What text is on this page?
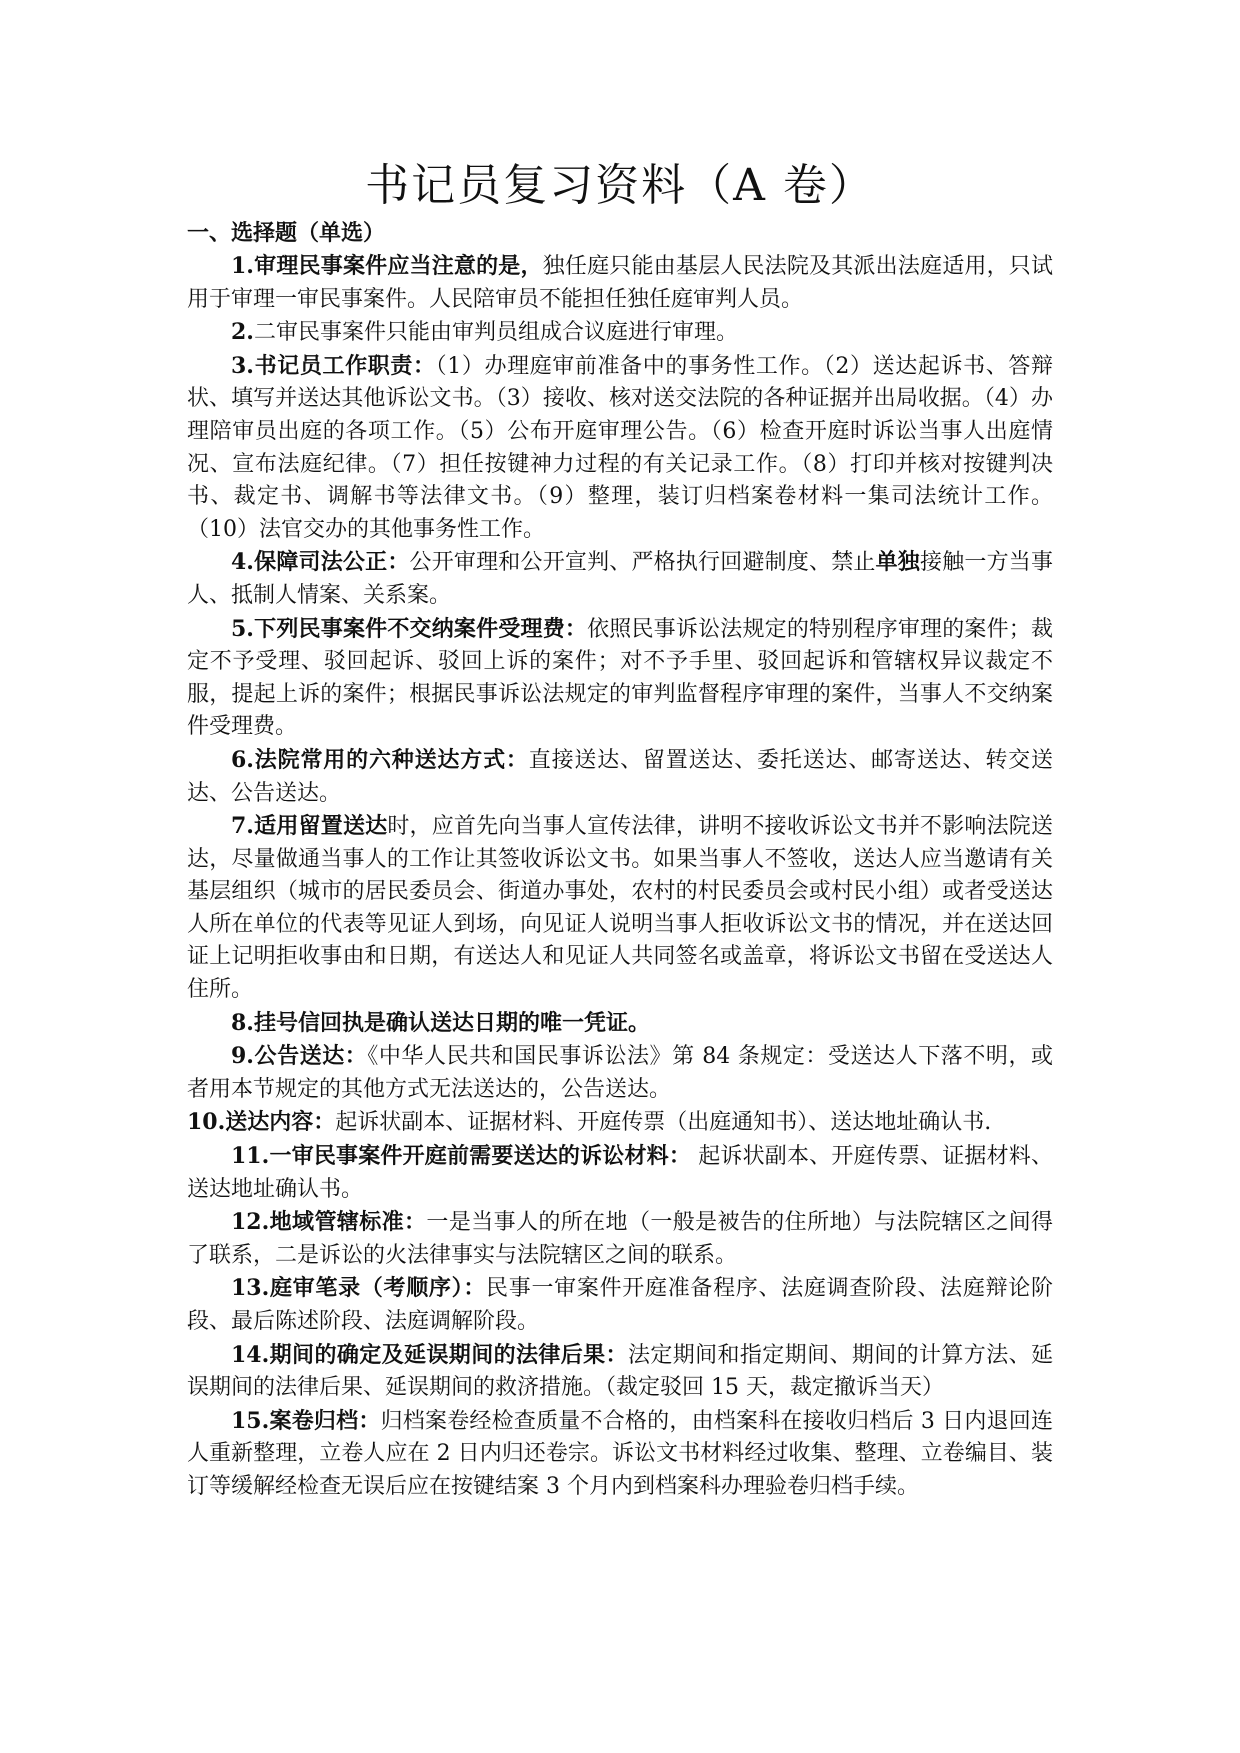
书记员复习资料（A 卷）
一、选择题（单选）

1.审理民事案件应当注意的是，独任庭只能由基层人民法院及其派出法庭适用，只试用于审理一审民事案件。人民陪审员不能担任独任庭审判人员。

2.二审民事案件只能由审判员组成合议庭进行审理。

3.书记员工作职责：（1）办理庭审前准备中的事务性工作。（2）送达起诉书、答辩状、填写并送达其他诉讼文书。（3）接收、核对送交法院的各种证据并出局收据。（4）办理陪审员出庭的各项工作。（5）公布开庭审理公告。（6）检查开庭时诉讼当事人出庭情况、宣布法庭纪律。（7）担任按键神力过程的有关记录工作。（8）打印并核对按键判决书、裁定书、调解书等法律文书。（9）整理，装订归档案卷材料一集司法统计工作。（10）法官交办的其他事务性工作。

4.保障司法公正：公开审理和公开宣判、严格执行回避制度、禁止单独接触一方当事人、抵制人情案、关系案。

5.下列民事案件不交纳案件受理费：依照民事诉讼法规定的特别程序审理的案件；裁定不予受理、驳回起诉、驳回上诉的案件；对不予手里、驳回起诉和管辖权异议裁定不服，提起上诉的案件；根据民事诉讼法规定的审判监督程序审理的案件，当事人不交纳案件受理费。

6.法院常用的六种送达方式：直接送达、留置送达、委托送达、邮寄送达、转交送达、公告送达。

7.适用留置送达时，应首先向当事人宣传法律，讲明不接收诉讼文书并不影响法院送达，尽量做通当事人的工作让其签收诉讼文书。如果当事人不签收，送达人应当邀请有关基层组织（城市的居民委员会、街道办事处，农村的村民委员会或村民小组）或者受送达人所在单位的代表等见证人到场，向见证人说明当事人拒收诉讼文书的情况，并在送达回证上记明拒收事由和日期，有送达人和见证人共同签名或盖章，将诉讼文书留在受送达人住所。

8.挂号信回执是确认送达日期的唯一凭证。

9.公告送达：《中华人民共和国民事诉讼法》第 84 条规定：受送达人下落不明，或者用本节规定的其他方式无法送达的，公告送达。

10.送达内容：起诉状副本、证据材料、开庭传票（出庭通知书）、送达地址确认书.

11.一审民事案件开庭前需要送达的诉讼材料： 起诉状副本、开庭传票、证据材料、送达地址确认书。

12.地域管辖标准：一是当事人的所在地（一般是被告的住所地）与法院辖区之间得了联系，二是诉讼的火法律事实与法院辖区之间的联系。

13.庭审笔录（考顺序）：民事一审案件开庭准备程序、法庭调查阶段、法庭辩论阶段、最后陈述阶段、法庭调解阶段。

14.期间的确定及延误期间的法律后果：法定期间和指定期间、期间的计算方法、延误期间的法律后果、延误期间的救济措施。（裁定驳回 15 天，裁定撤诉当天）

15.案卷归档：归档案卷经检查质量不合格的，由档案科在接收归档后 3 日内退回连人重新整理，立卷人应在 2 日内归还卷宗。诉讼文书材料经过收集、整理、立卷编目、装订等缓解经检查无误后应在按键结案 3 个月内到档案科办理验卷归档手续。
